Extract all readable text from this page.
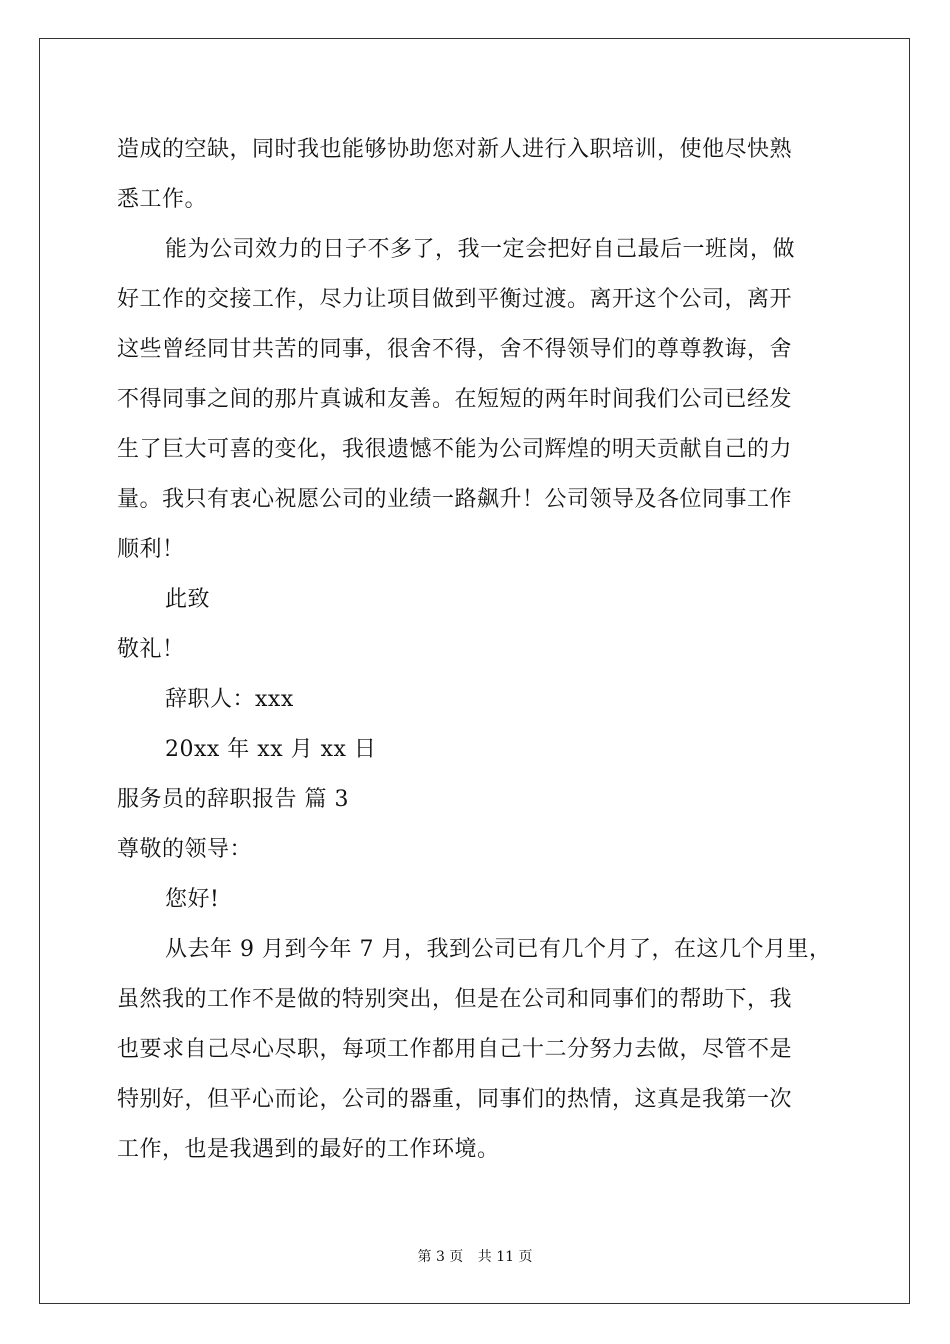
造成的空缺，同时我也能够协助您对新人进行入职培训，使他尽快熟
悉工作。
能为公司效力的日子不多了，我一定会把好自己最后一班岗，做
好工作的交接工作，尽力让项目做到平衡过渡。离开这个公司，离开
这些曾经同甘共苦的同事，很舍不得，舍不得领导们的尊尊教诲，舍
不得同事之间的那片真诚和友善。在短短的两年时间我们公司已经发
生了巨大可喜的变化，我很遗憾不能为公司辉煌的明天贡献自己的力
量。我只有衷心祝愿公司的业绩一路飙升！公司领导及各位同事工作
顺利！
此致
敬礼！
辞职人：xxx
20xx 年 xx 月 xx 日
服务员的辞职报告 篇 3
尊敬的领导：
您好!
从去年 9 月到今年 7 月，我到公司已有几个月了，在这几个月里，
虽然我的工作不是做的特别突出，但是在公司和同事们的帮助下，我
也要求自己尽心尽职，每项工作都用自己十二分努力去做，尽管不是
特别好，但平心而论，公司的器重，同事们的热情，这真是我第一次
工作，也是我遇到的最好的工作环境。
第 3 页 共 11 页
